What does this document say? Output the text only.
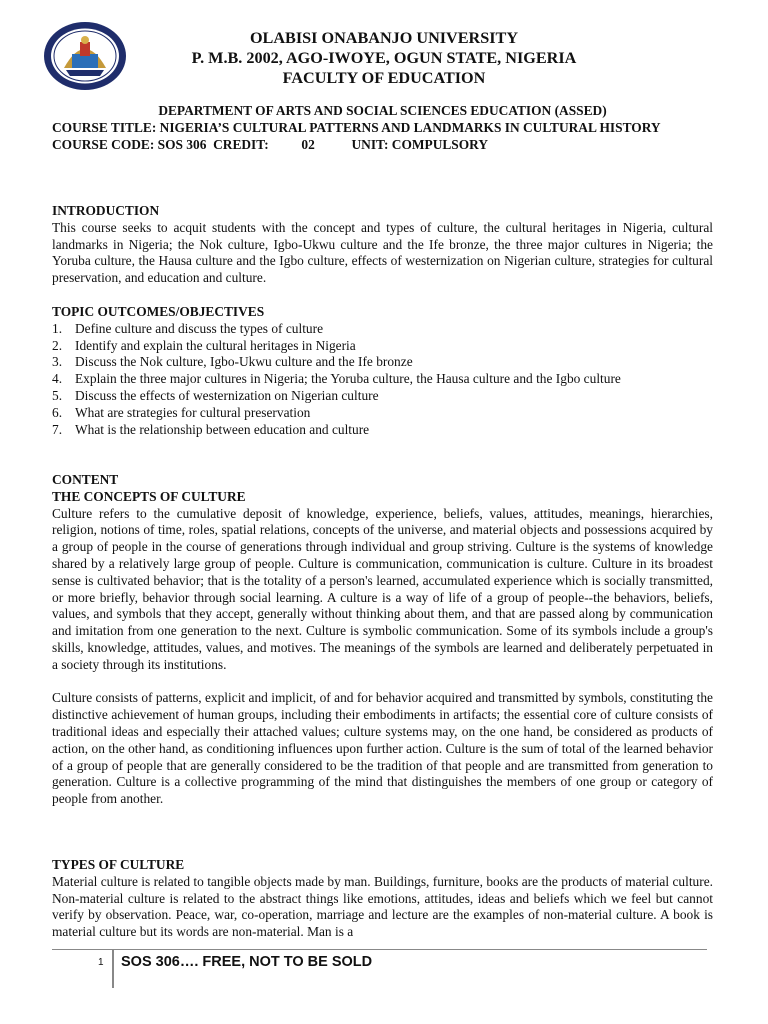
OLABISI ONABANJO UNIVERSITY
P. M.B. 2002, AGO-IWOYE, OGUN STATE, NIGERIA
FACULTY OF EDUCATION
DEPARTMENT OF ARTS AND SOCIAL SCIENCES EDUCATION (ASSED)
COURSE TITLE: NIGERIA’S CULTURAL PATTERNS AND LANDMARKS IN CULTURAL HISTORY
COURSE CODE: SOS 306 CREDIT: 02	UNIT: COMPULSORY
INTRODUCTION

This course seeks to acquit students with the concept and types of culture, the cultural heritages in Nigeria, cultural landmarks in Nigeria; the Nok culture, Igbo-Ukwu culture and the Ife bronze, the three major cultures in Nigeria; the Yoruba culture, the Hausa culture and the Igbo culture, effects of westernization on Nigerian culture, strategies for cultural preservation, and education and culture.

TOPIC OUTCOMES/OBJECTIVES
1. Define culture and discuss the types of culture
2. Identify and explain the cultural heritages in Nigeria
3. Discuss the Nok culture, Igbo-Ukwu culture and the Ife bronze
4. Explain the three major cultures in Nigeria; the Yoruba culture, the Hausa culture and the Igbo culture
5. Discuss the effects of westernization on Nigerian culture
6. What are strategies for cultural preservation
7. What is the relationship between education and culture
CONTENT
THE CONCEPTS OF CULTURE

Culture refers to the cumulative deposit of knowledge, experience, beliefs, values, attitudes, meanings, hierarchies, religion, notions of time, roles, spatial relations, concepts of the universe, and material objects and possessions acquired by a group of people in the course of generations through individual and group striving. Culture is the systems of knowledge shared by a relatively large group of people. Culture is communication, communication is culture. Culture in its broadest sense is cultivated behavior; that is the totality of a person's learned, accumulated experience which is socially transmitted, or more briefly, behavior through social learning. A culture is a way of life of a group of people--the behaviors, beliefs, values, and symbols that they accept, generally without thinking about them, and that are passed along by communication and imitation from one generation to the next. Culture is symbolic communication. Some of its symbols include a group's skills, knowledge, attitudes, values, and motives. The meanings of the symbols are learned and deliberately perpetuated in a society through its institutions.

Culture consists of patterns, explicit and implicit, of and for behavior acquired and transmitted by symbols, constituting the distinctive achievement of human groups, including their embodiments in artifacts; the essential core of culture consists of traditional ideas and especially their attached values; culture systems may, on the one hand, be considered as products of action, on the other hand, as conditioning influences upon further action. Culture is the sum of total of the learned behavior of a group of people that are generally considered to be the tradition of that people and are transmitted from generation to generation. Culture is a collective programming of the mind that distinguishes the members of one group or category of people from another.

TYPES OF CULTURE

Material culture is related to tangible objects made by man. Buildings, furniture, books are the products of material culture. Non-material culture is related to the abstract things like emotions, attitudes, ideas and beliefs which we feel but cannot verify by observation. Peace, war, co-operation, marriage and lecture are the examples of non-material culture. A book is material culture but its words are non-material. Man is a

1 SOS 306…. FREE, NOT TO BE SOLD
